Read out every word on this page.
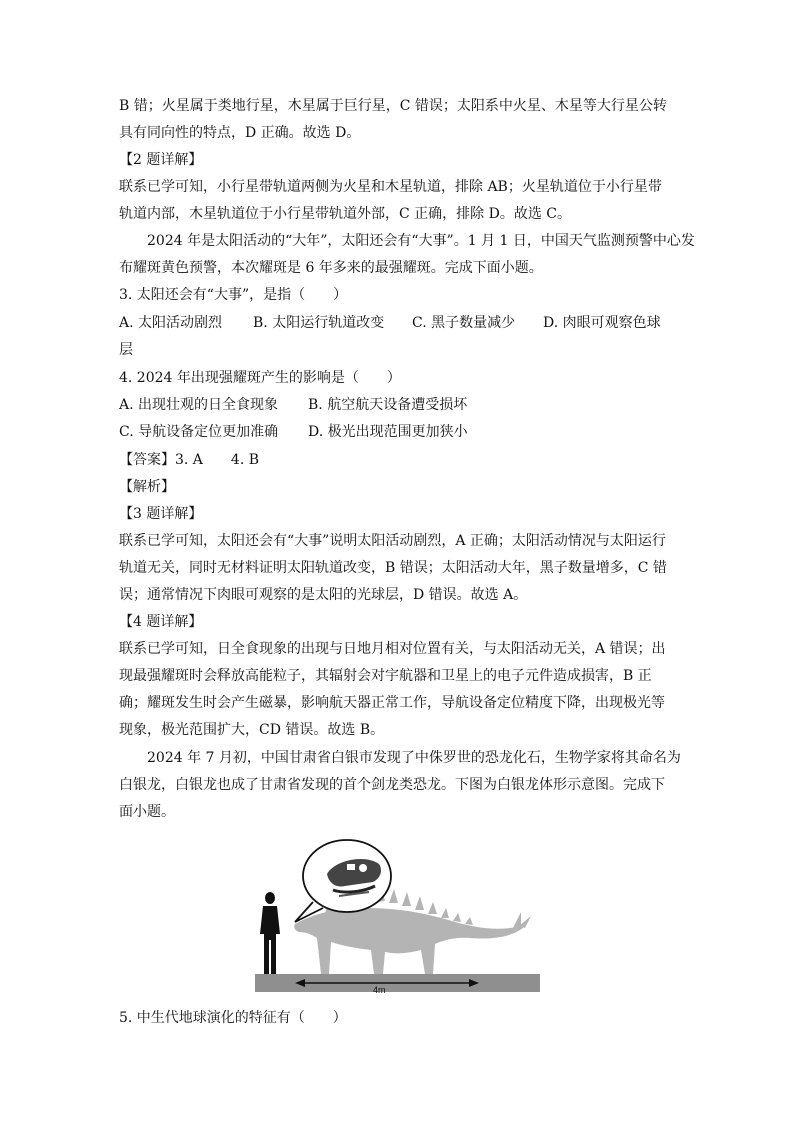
B 错；火星属于类地行星，木星属于巨行星，C 错误；太阳系中火星、木星等大行星公转
具有同向性的特点，D 正确。故选 D。
【2 题详解】
联系已学可知，小行星带轨道两侧为火星和木星轨道，排除 AB；火星轨道位于小行星带
轨道内部，木星轨道位于小行星带轨道外部，C 正确，排除 D。故选 C。
2024 年是太阳活动的“大年”，太阳还会有“大事”。1 月 1 日，中国天气监测预警中心发
布耀斑黄色预警，本次耀斑是 6 年多来的最强耀斑。完成下面小题。
3. 太阳还会有“大事”，是指（　　）
A. 太阳活动剧烈 B. 太阳运行轨道改变 C. 黑子数量减少 D. 肉眼可观察色球
层
4. 2024 年出现强耀斑产生的影响是（　　）
A. 出现壮观的日全食现象 B. 航空航天设备遭受损坏
C. 导航设备定位更加准确 D. 极光出现范围更加狭小
【答案】3. A　　4. B
【解析】
【3 题详解】
联系已学可知，太阳还会有“大事”说明太阳活动剧烈，A 正确；太阳活动情况与太阳运行
轨道无关，同时无材料证明太阳轨道改变，B 错误；太阳活动大年，黑子数量增多，C 错
误；通常情况下肉眼可观察的是太阳的光球层，D 错误。故选 A。
【4 题详解】
联系已学可知，日全食现象的出现与日地月相对位置有关，与太阳活动无关，A 错误；出
现最强耀斑时会释放高能粒子，其辐射会对宇航器和卫星上的电子元件造成损害，B 正
确；耀斑发生时会产生磁暴，影响航天器正常工作，导航设备定位精度下降，出现极光等
现象，极光范围扩大，CD 错误。故选 B。
2024 年 7 月初，中国甘肃省白银市发现了中侏罗世的恐龙化石，生物学家将其命名为
白银龙，白银龙也成了甘肃省发现的首个剑龙类恐龙。下图为白银龙体形示意图。完成下
面小题。
4m
5. 中生代地球演化的特征有（　　）
